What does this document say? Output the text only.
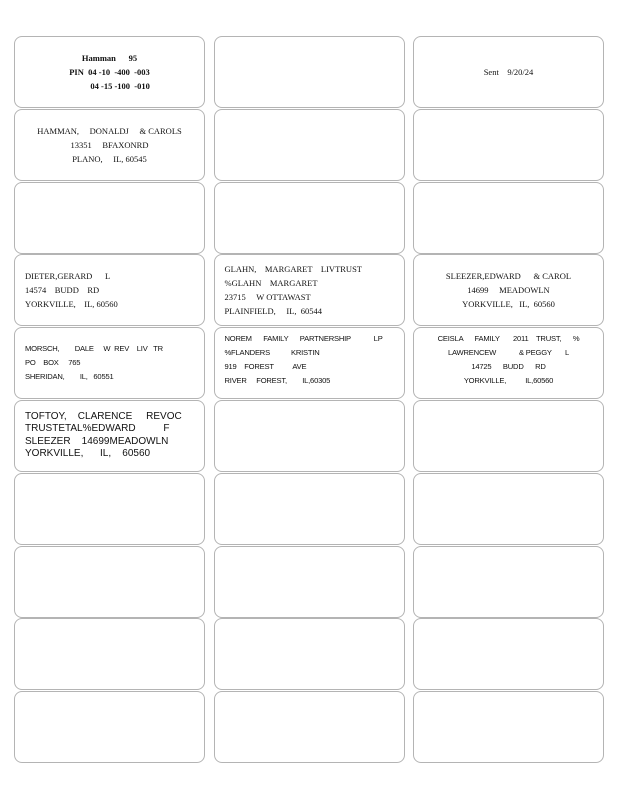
Hamman      95
PIN  04 -10  -400  -003
04 -15 -100  -010
Sent    9/20/24
HAMMAN,     DONALDJ     & CAROLS
13351     BFAXONRD
PLANO,     IL, 60545
DIETER,GERARD      L
14574    BUDD    RD
YORKVILLE,    IL, 60560
GLAHN,    MARGARET    LIVTRUST
%GLAHN    MARGARET
23715     W OTTAWAST
PLAINFIELD,     IL,  60544
SLEEZER,EDWARD      & CAROL
14699     MEADOWLN
YORKVILLE,   IL,  60560
MORSCH,        DALE     W  REV    LIV   TR
PO    BOX     765
SHERIDAN,        IL,   60551
NOREM      FAMILY      PARTNERSHIP            LP
%FLANDERS           KRISTIN
919    FOREST          AVE
RIVER     FOREST,        IL,60305
CEISLA      FAMILY       2011    TRUST,      %
LAWRENCEW            & PEGGY       L
14725      BUDD      RD
YORKVILLE,          IL,60560
TOFTOY,    CLARENCE     REVOC
TRUSTETAL%EDWARD          F
SLEEZER    14699MEADOWLN
YORKVILLE,      IL,    60560
